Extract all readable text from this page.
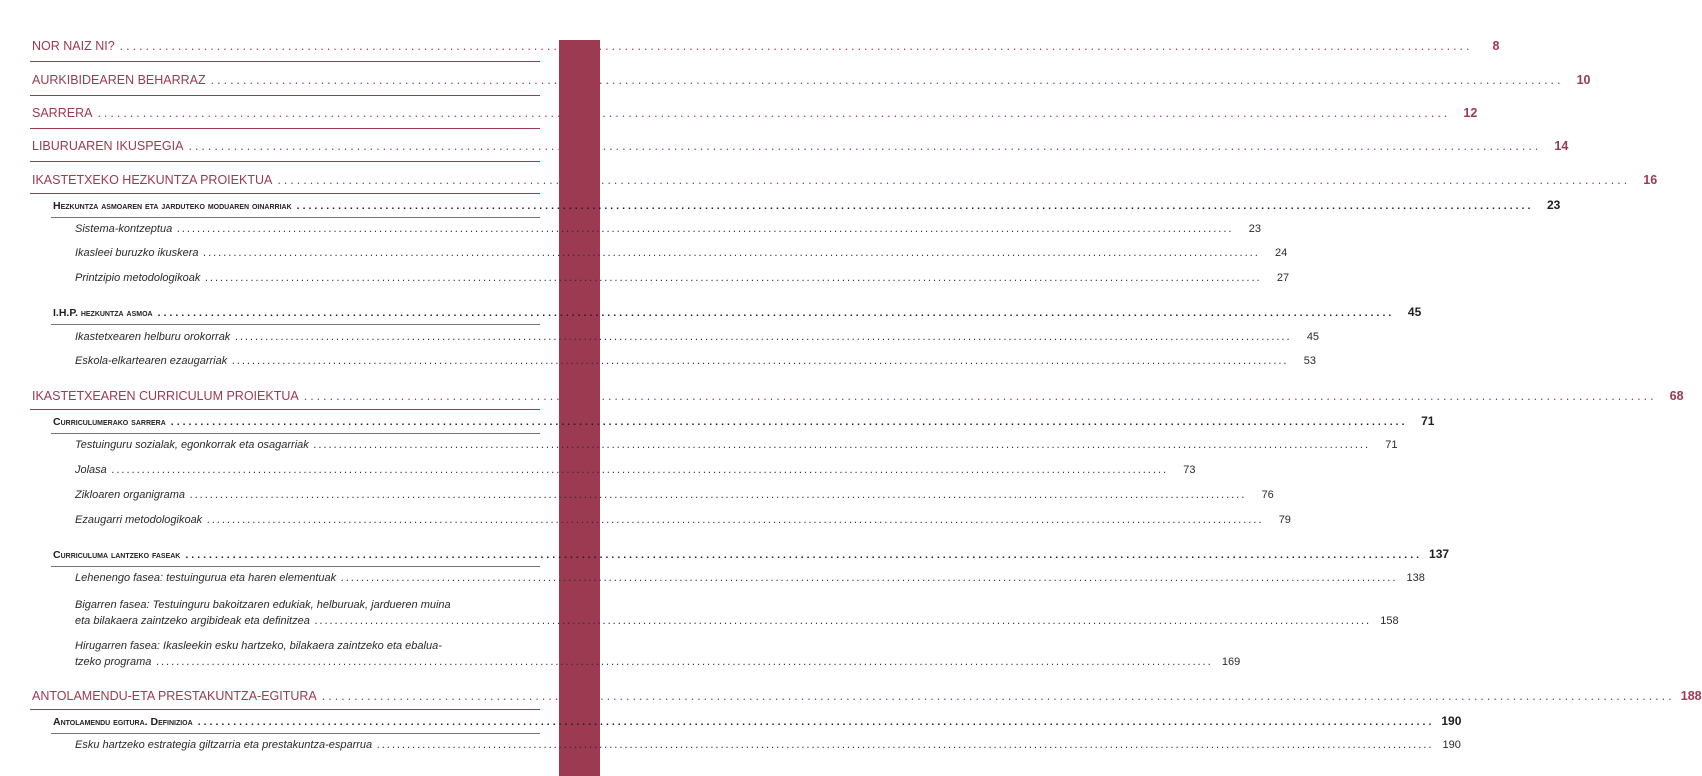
NOR NAIZ NI? .................................................................................................................................................................................................................	8
AURKIBIDEAREN BEHARRAZ .................................................................................................................................................................................................................	10
SARRERA .................................................................................................................................................................................................................	12
LIBURUAREN IKUSPEGIA .................................................................................................................................................................................................................	14
IKASTETXEKO HEZKUNTZA PROIEKTUA .................................................................................................................................................................................................................	16
Hezkuntza asmoaren eta jarduteko moduaren oinarriak .................................................................................................................................................................................................................	23
Sistema-kontzeptua .................................................................................................................................................................................................................	23
Ikasleei buruzko ikuskera .................................................................................................................................................................................................................	24
Printzipio metodologikoak .................................................................................................................................................................................................................	27
I.H.P. hezkuntza asmoa .................................................................................................................................................................................................................	45
Ikastetxearen helburu orokorrak .................................................................................................................................................................................................................	45
Eskola-elkartearen ezaugarriak .................................................................................................................................................................................................................	53
IKASTETXEAREN CURRICULUM PROIEKTUA .................................................................................................................................................................................................................	68
Curriculumerako sarrera .................................................................................................................................................................................................................	71
Testuinguru sozialak, egonkorrak eta osagarriak .................................................................................................................................................................................................................	71
Jolasa .................................................................................................................................................................................................................	73
Zikloaren organigrama .................................................................................................................................................................................................................	76
Ezaugarri metodologikoak .................................................................................................................................................................................................................	79
Curriculuma lantzeko faseak ................................................................................................................................................................................................................. 137
Lehenengo fasea: testuingurua eta haren elementuak ................................................................................................................................................................................................................. 138
Bigarren fasea: Testuinguru bakoitzaren edukiak, helburuak, jardueren muina
eta bilakaera zaintzeko argibideak eta definitzea ................................................................................................................................................................................................................. 158
Hirugarren fasea: Ikasleekin esku hartzeko, bilakaera zaintzeko eta ebalua-
tzeko programa ................................................................................................................................................................................................................. 169
ANTOLAMENDU-ETA PRESTAKUNTZA-EGITURA ................................................................................................................................................................................................................. 188
Antolamendu egitura. Definizioa ................................................................................................................................................................................................................. 190
Esku hartzeko estrategia giltzarria eta prestakuntza-esparrua ................................................................................................................................................................................................................. 190
